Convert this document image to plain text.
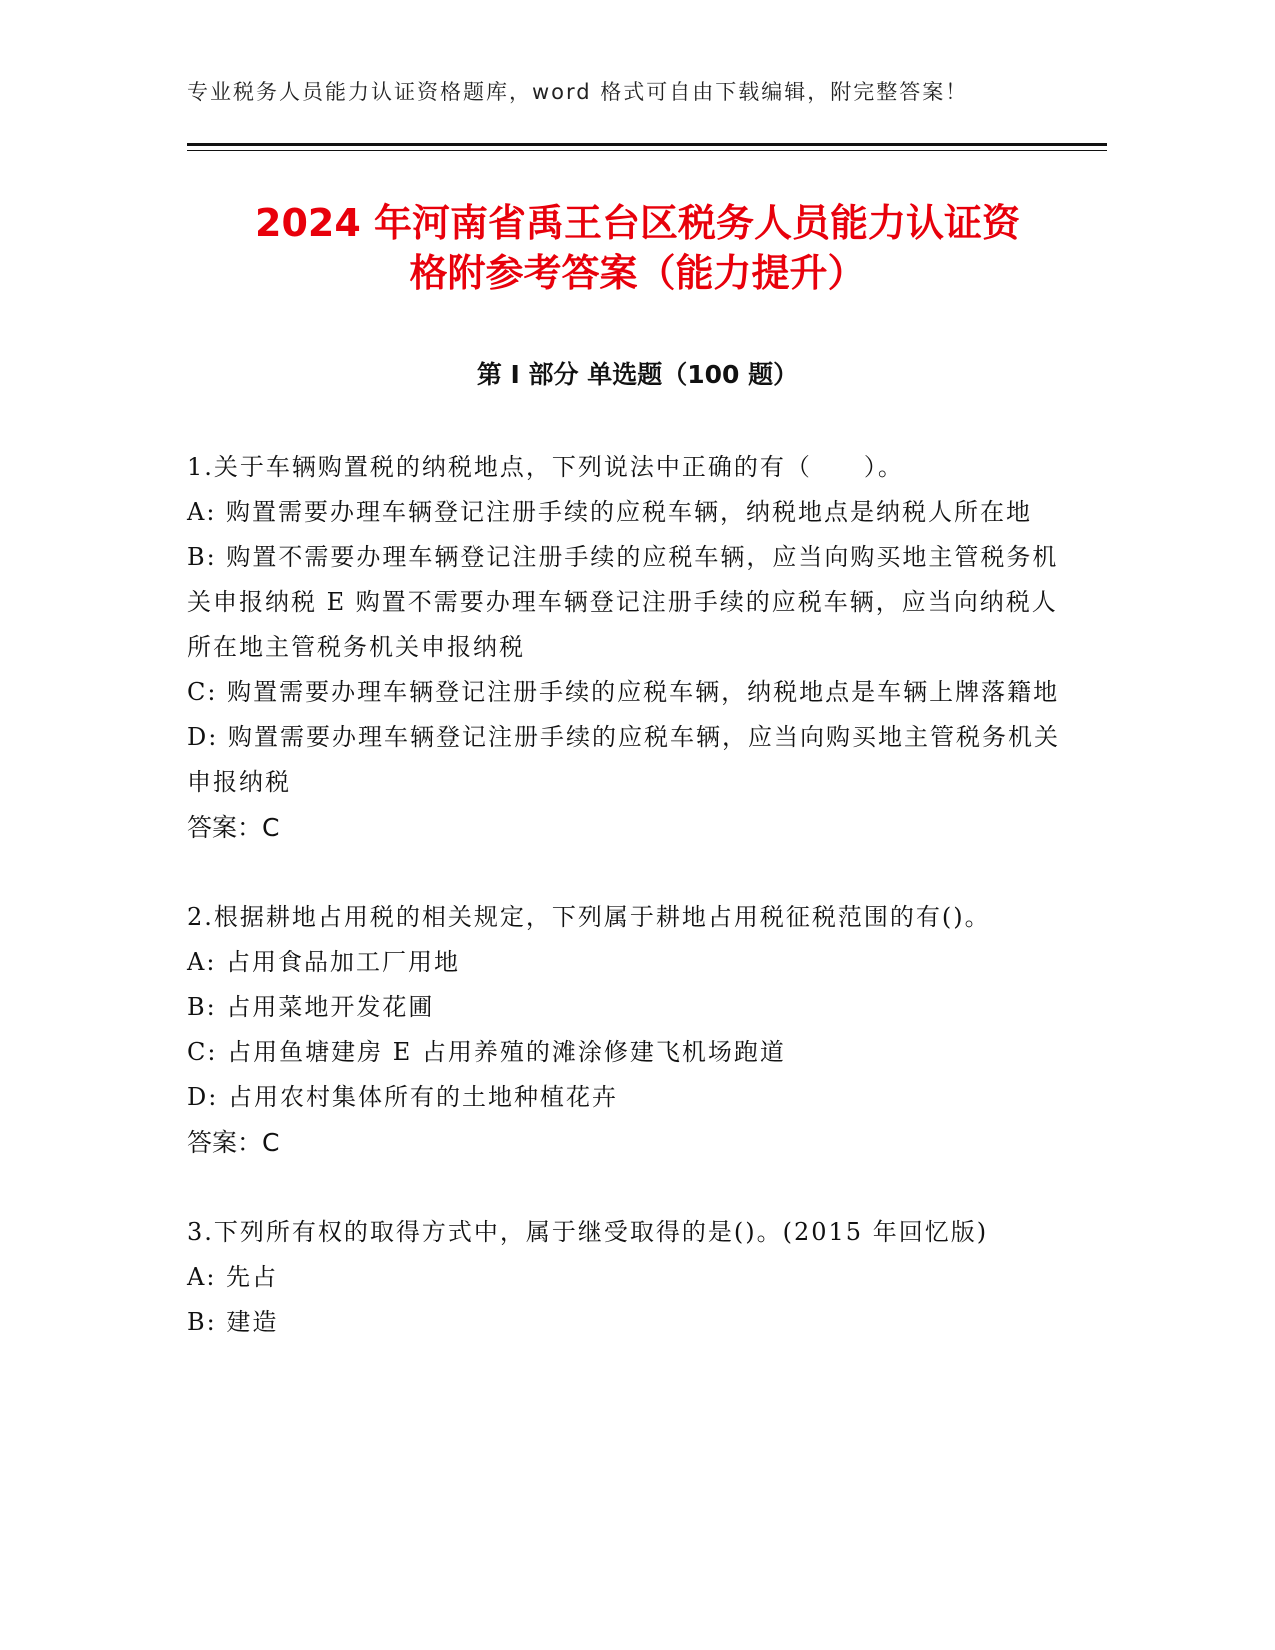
专业税务人员能力认证资格题库，word 格式可自由下载编辑，附完整答案！
2024 年河南省禹王台区税务人员能力认证资
格附参考答案（能力提升）
第 I 部分 单选题（100 题）
1.关于车辆购置税的纳税地点，下列说法中正确的有（　　）。
A: 购置需要办理车辆登记注册手续的应税车辆，纳税地点是纳税人所在地
B: 购置不需要办理车辆登记注册手续的应税车辆，应当向购买地主管税务机关申报纳税 E 购置不需要办理车辆登记注册手续的应税车辆，应当向纳税人所在地主管税务机关申报纳税
C: 购置需要办理车辆登记注册手续的应税车辆，纳税地点是车辆上牌落籍地
D: 购置需要办理车辆登记注册手续的应税车辆，应当向购买地主管税务机关申报纳税
答案：C
2.根据耕地占用税的相关规定，下列属于耕地占用税征税范围的有()。
A: 占用食品加工厂用地
B: 占用菜地开发花圃
C: 占用鱼塘建房 E 占用养殖的滩涂修建飞机场跑道
D: 占用农村集体所有的土地种植花卉
答案：C
3.下列所有权的取得方式中，属于继受取得的是()。(2015 年回忆版)
A: 先占
B: 建造
